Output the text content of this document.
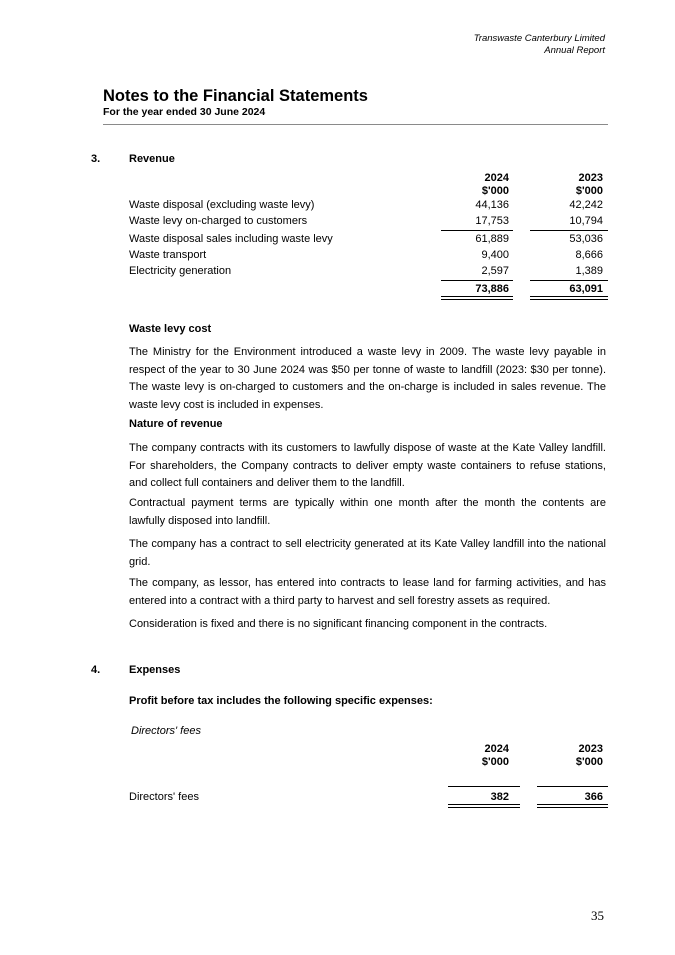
Transwaste Canterbury Limited
Annual Report
Notes to the Financial Statements
For the year ended 30 June 2024
3.	Revenue
2024
$'000
2023
$'000
Waste disposal (excluding waste levy)	44,136	42,242
Waste levy on-charged to customers	17,753	10,794
Waste disposal sales including waste levy	61,889	53,036
Waste transport	9,400	8,666
Electricity generation	2,597	1,389
73,886	63,091
Waste levy cost
The Ministry for the Environment introduced a waste levy in 2009. The waste levy payable in respect of the year to 30 June 2024 was $50 per tonne of waste to landfill (2023: $30 per tonne). The waste levy is on-charged to customers and the on-charge is included in sales revenue. The waste levy cost is included in expenses.
Nature of revenue
The company contracts with its customers to lawfully dispose of waste at the Kate Valley landfill. For shareholders, the Company contracts to deliver empty waste containers to refuse stations, and collect full containers and deliver them to the landfill.
Contractual payment terms are typically within one month after the month the contents are lawfully disposed into landfill.
The company has a contract to sell electricity generated at its Kate Valley landfill into the national grid.
The company, as lessor, has entered into contracts to lease land for farming activities, and has entered into a contract with a third party to harvest and sell forestry assets as required.
Consideration is fixed and there is no significant financing component in the contracts.
4.	Expenses
Profit before tax includes the following specific expenses:
Directors' fees
2024
$'000
2023
$'000
Directors' fees	382	366
35
